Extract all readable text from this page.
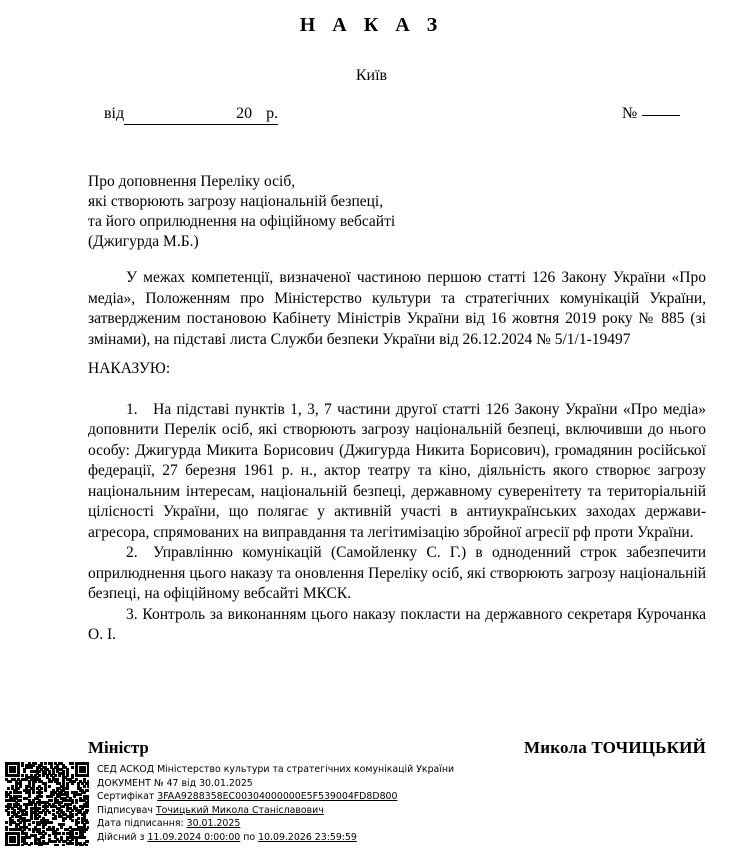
Н А К А З

Київ

від	20 р.	№
Про доповнення Переліку осіб,
які створюють загрозу національній безпеці,
та його оприлюднення на офіційному вебсайті
(Джигурда М.Б.)

У межах компетенції, визначеної частиною першою статті 126 Закону України «Про медіа», Положенням про Міністерство культури та стратегічних комунікацій України, затвердженим постановою Кабінету Міністрів України від 16 жовтня 2019 року № 885 (зі змінами), на підставі листа Служби безпеки України від 26.12.2024 № 5/1/1-19497

НАКАЗУЮ:

1. На підставі пунктів 1, 3, 7 частини другої статті 126 Закону України «Про медіа» доповнити Перелік осіб, які створюють загрозу національній безпеці, включивши до нього особу: Джигурда Микита Борисович (Джигурда Никита Борисович), громадянин російської федерації, 27 березня 1961 р. н., актор театру та кіно, діяльність якого створює загрозу національним інтересам, національній безпеці, державному суверенітету та територіальній цілісності України, що полягає у активній участі в антиукраїнських заходах держави-агресора, спрямованих на виправдання та легітимізацію збройної агресії рф проти України.

2. Управлінню комунікацій (Самойленку С. Г.) в одноденний строк забезпечити оприлюднення цього наказу та оновлення Переліку осіб, які створюють загрозу національній безпеці, на офіційному вебсайті МКСК.

3. Контроль за виконанням цього наказу покласти на державного секретаря Курочанка О. І.

Міністр	Микола ТОЧИЦЬКИЙ
СЕД АСКОД Міністерство культури та стратегічних комунікацій України
ДОКУМЕНТ № 47 від 30.01.2025
Сертифікат 3FAA9288358EC00304000000E5F539004FD8D800
Підписувач Точицький Микола Станіславович
Дата підписання: 30.01.2025
Дійсний з 11.09.2024 0:00:00 по 10.09.2026 23:59:59
